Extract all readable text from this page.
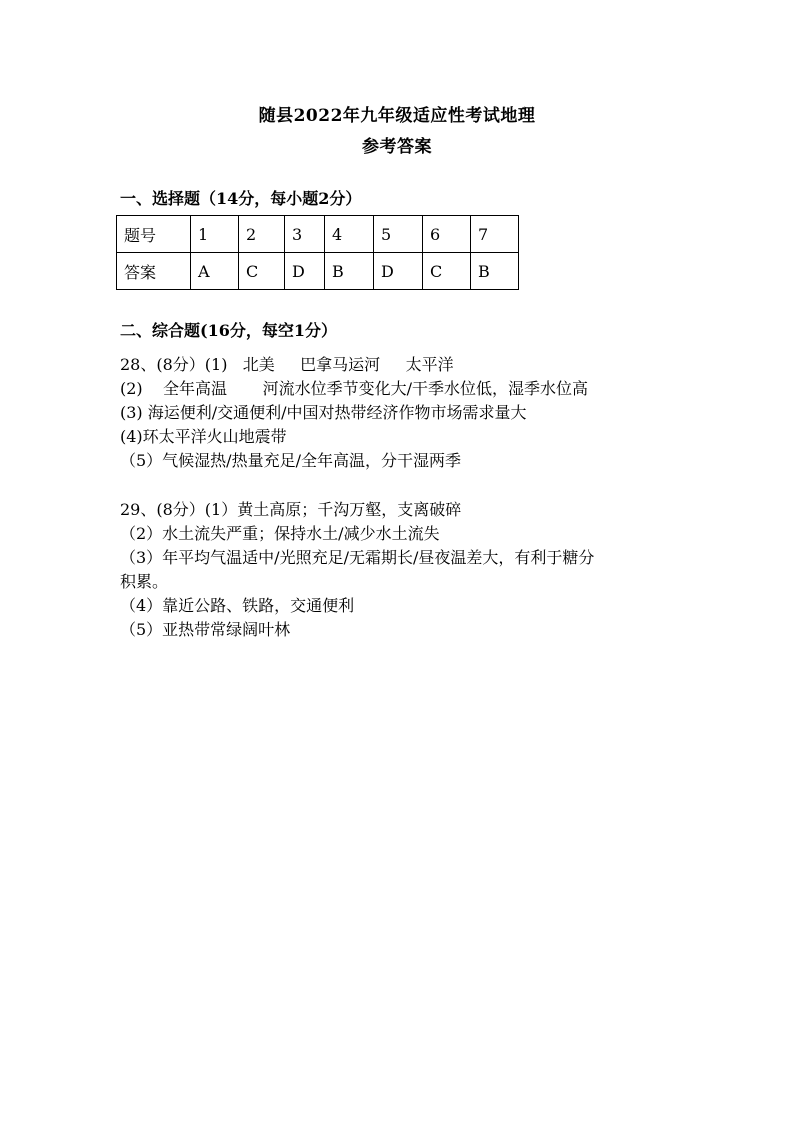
随县2022年九年级适应性考试地理
参考答案
一、选择题（14分，每小题2分）
题号	1	2	3	4	5	6	7
答案	A	C	D	B	D	C	B
二、综合题(16分，每空1分）
28、(8分）(1)   北美     巴拿马运河     太平洋
(2)    全年高温       河流水位季节变化大/干季水位低，湿季水位高
(3) 海运便利/交通便利/中国对热带经济作物市场需求量大
(4)环太平洋火山地震带
（5）气候湿热/热量充足/全年高温，分干湿两季
29、(8分）(1）黄土高原；千沟万壑，支离破碎
（2）水土流失严重；保持水土/减少水土流失
（3）年平均气温适中/光照充足/无霜期长/昼夜温差大，有利于糖分
积累。
（4）靠近公路、铁路，交通便利
（5）亚热带常绿阔叶林
